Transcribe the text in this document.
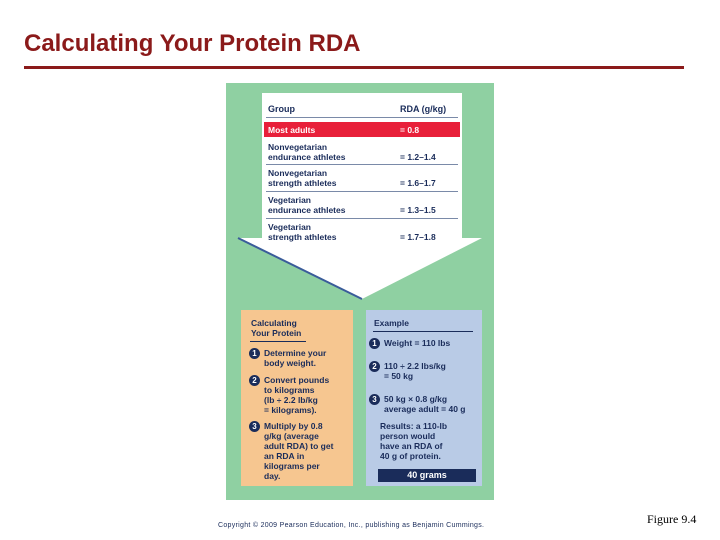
Calculating Your Protein RDA
Group	RDA (g/kg)
Most adults	= 0.8
Nonvegetarian
endurance athletes	= 1.2–1.4
Nonvegetarian
strength athletes	= 1.6–1.7
Vegetarian
endurance athletes	= 1.3–1.5
Vegetarian
strength athletes	= 1.7–1.8
Calculating
Your Protein
1 Determine your
body weight.
2 Convert pounds
to kilograms
(lb ÷ 2.2 lb/kg
= kilograms).
3 Multiply by 0.8
g/kg (average
adult RDA) to get
an RDA in
kilograms per
day.
Example
1 Weight = 110 lbs
2 110 ÷ 2.2 lbs/kg
= 50 kg
3 50 kg × 0.8 g/kg
average adult = 40 g
Results: a 110-lb
person would
have an RDA of
40 g of protein.
40 grams
Copyright © 2009 Pearson Education, Inc., publishing as Benjamin Cummings.	Figure 9.4
